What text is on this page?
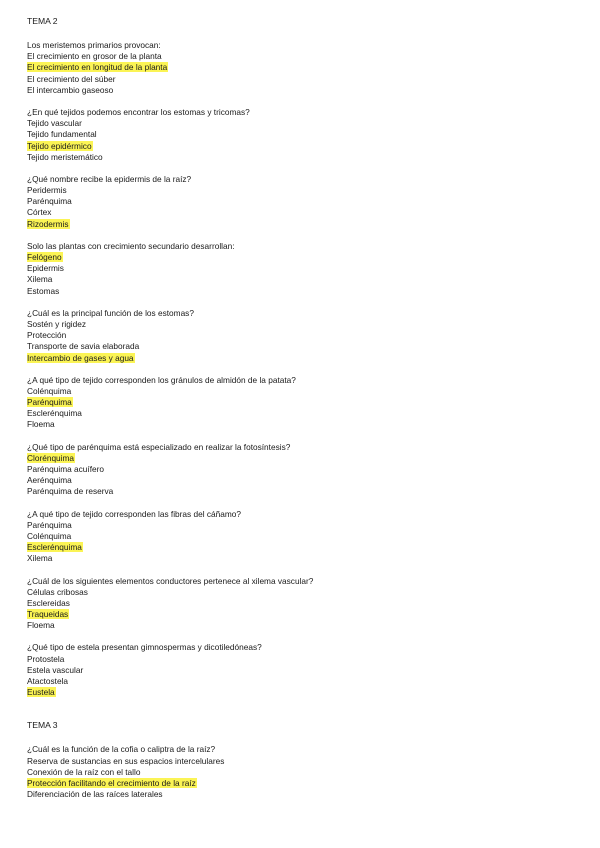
TEMA 2
Los meristemos primarios provocan:
El crecimiento en grosor de la planta
El crecimiento en longitud de la planta
El crecimiento del súber
El intercambio gaseoso
¿En qué tejidos podemos encontrar los estomas y tricomas?
Tejido vascular
Tejido fundamental
Tejido epidérmico
Tejido meristemático
¿Qué nombre recibe la epidermis de la raíz?
Peridermis
Parénquima
Córtex
Rizodermis
Solo las plantas con crecimiento secundario desarrollan:
Felógeno
Epidermis
Xilema
Estomas
¿Cuál es la principal función de los estomas?
Sostén y rigidez
Protección
Transporte de savia elaborada
Intercambio de gases y agua
¿A qué tipo de tejido corresponden los gránulos de almidón de la patata?
Colénquima
Parénquima
Esclerénquima
Floema
¿Qué tipo de parénquima está especializado en realizar la fotosíntesis?
Clorénquima
Parénquima acuífero
Aerénquima
Parénquima de reserva
¿A qué tipo de tejido corresponden las fibras del cáñamo?
Parénquima
Colénquima
Esclerénquima
Xilema
¿Cuál de los siguientes elementos conductores pertenece al xilema vascular?
Células cribosas
Esclereidas
Traqueidas
Floema
¿Qué tipo de estela presentan gimnospermas y dicotiledóneas?
Protostela
Estela vascular
Atactostela
Eustela
TEMA 3
¿Cuál es la función de la cofia o caliptra de la raíz?
Reserva de sustancias en sus espacios intercelulares
Conexión de la raíz con el tallo
Protección facilitando el crecimiento de la raíz
Diferenciación de las raíces laterales
